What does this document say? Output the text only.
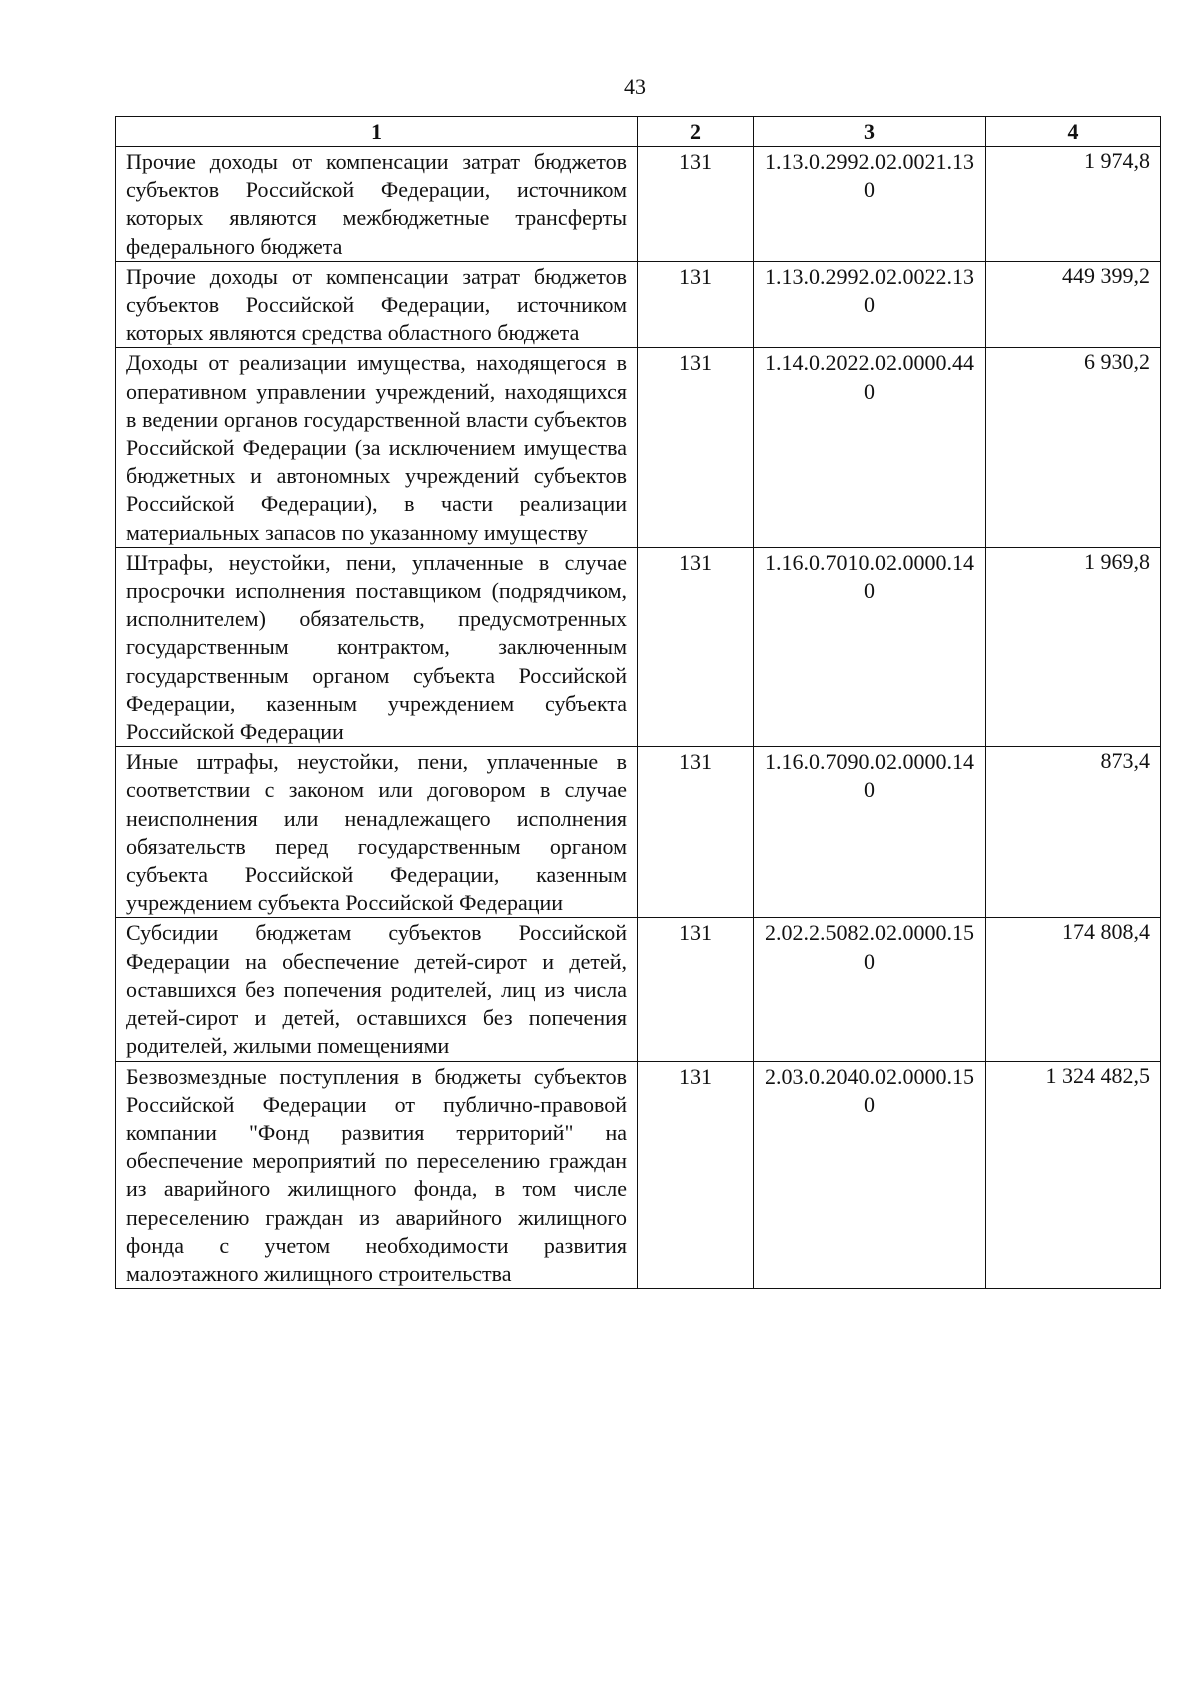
43
1	2	3	4
Прочие доходы от компенсации затрат бюджетов субъектов Российской Федерации, источником которых являются межбюджетные трансферты федерального бюджета	131	1.13.0.2992.02.0021.130	1 974,8
Прочие доходы от компенсации затрат бюджетов субъектов Российской Федерации, источником которых являются средства областного бюджета	131	1.13.0.2992.02.0022.130	449 399,2
Доходы от реализации имущества, находящегося в оперативном управлении учреждений, находящихся в ведении органов государственной власти субъектов Российской Федерации (за исключением имущества бюджетных и автономных учреждений субъектов Российской Федерации), в части реализации материальных запасов по указанному имуществу	131	1.14.0.2022.02.0000.440	6 930,2
Штрафы, неустойки, пени, уплаченные в случае просрочки исполнения поставщиком (подрядчиком, исполнителем) обязательств, предусмотренных государственным контрактом, заключенным государственным органом субъекта Российской Федерации, казенным учреждением субъекта Российской Федерации	131	1.16.0.7010.02.0000.140	1 969,8
Иные штрафы, неустойки, пени, уплаченные в соответствии с законом или договором в случае неисполнения или ненадлежащего исполнения обязательств перед государственным органом субъекта Российской Федерации, казенным учреждением субъекта Российской Федерации	131	1.16.0.7090.02.0000.140	873,4
Субсидии бюджетам субъектов Российской Федерации на обеспечение детей-сирот и детей, оставшихся без попечения родителей, лиц из числа детей-сирот и детей, оставшихся без попечения родителей, жилыми помещениями	131	2.02.2.5082.02.0000.150	174 808,4
Безвозмездные поступления в бюджеты субъектов Российской Федерации от публично-правовой компании "Фонд развития территорий" на обеспечение мероприятий по переселению граждан из аварийного жилищного фонда, в том числе переселению граждан из аварийного жилищного фонда с учетом необходимости развития малоэтажного жилищного строительства	131	2.03.0.2040.02.0000.150	1 324 482,5
